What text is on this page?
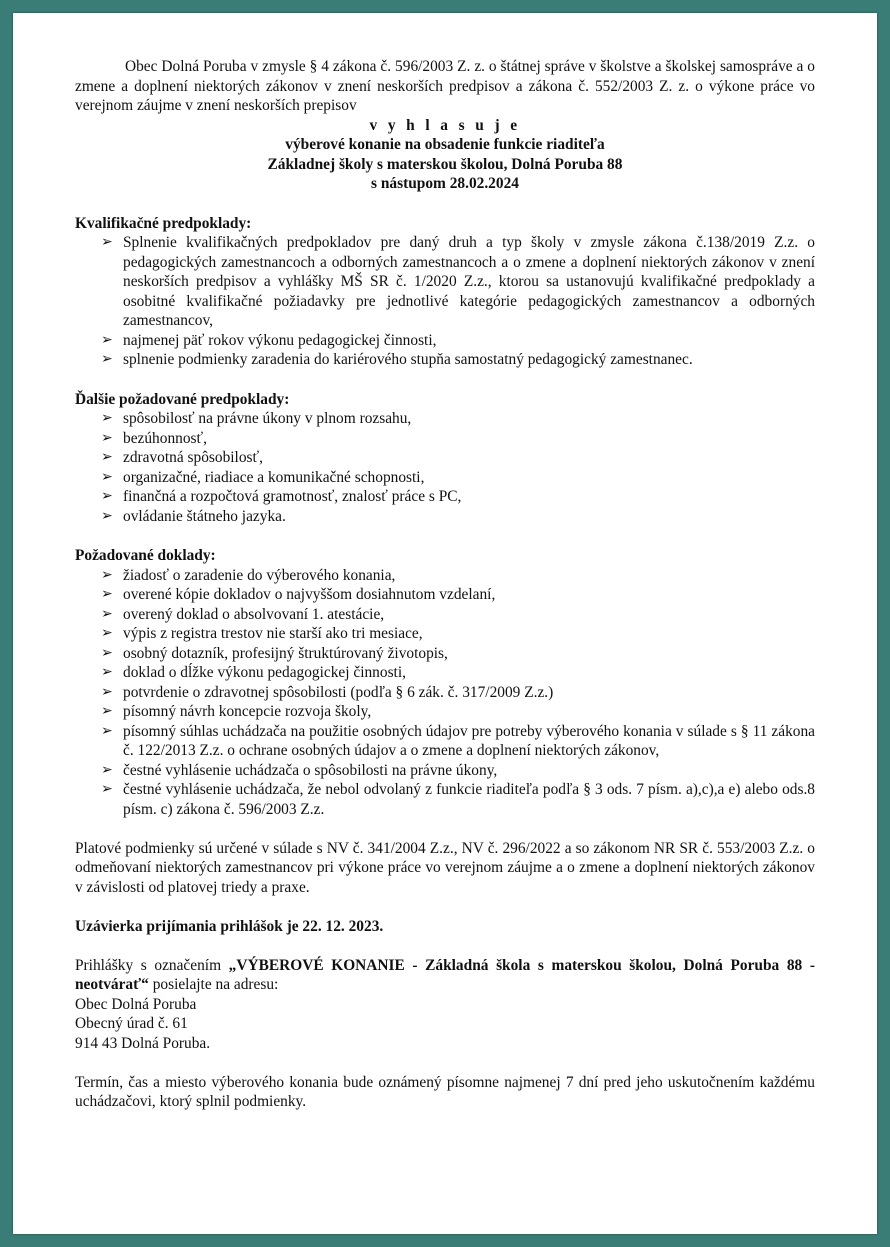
Obec Dolná Poruba v zmysle § 4 zákona č. 596/2003 Z. z. o štátnej správe v školstve a školskej samospráve a o zmene a doplnení niektorých zákonov v znení neskorších predpisov a zákona č. 552/2003 Z. z. o výkone práce vo verejnom záujme v znení neskorších prepisov

v y h l a s u j e

výberové konanie na obsadenie funkcie riaditeľa

Základnej školy s materskou školou, Dolná Poruba 88

s nástupom 28.02.2024

Kvalifikačné predpoklady:

➢ Splnenie kvalifikačných predpokladov pre daný druh a typ školy v zmysle zákona č.138/2019 Z.z. o pedagogických zamestnancoch a odborných zamestnancoch a o zmene a doplnení niektorých zákonov v znení neskorších predpisov a vyhlášky MŠ SR č. 1/2020 Z.z., ktorou sa ustanovujú kvalifikačné predpoklady a osobitné kvalifikačné požiadavky pre jednotlivé kategórie pedagogických zamestnancov a odborných zamestnancov,
➢ najmenej päť rokov výkonu pedagogickej činnosti,
➢ splnenie podmienky zaradenia do kariérového stupňa samostatný pedagogický zamestnanec.

Ďalšie požadované predpoklady:

➢ spôsobilosť na právne úkony v plnom rozsahu,
➢ bezúhonnosť,
➢ zdravotná spôsobilosť,
➢ organizačné, riadiace a komunikačné schopnosti,
➢ finančná a rozpočtová gramotnosť, znalosť práce s PC,
➢ ovládanie štátneho jazyka.

Požadované doklady:

➢ žiadosť o zaradenie do výberového konania,
➢ overené kópie dokladov o najvyššom dosiahnutom vzdelaní,
➢ overený doklad o absolvovaní 1. atestácie,
➢ výpis z registra trestov nie starší ako tri mesiace,
➢ osobný dotazník, profesijný štruktúrovaný životopis,
➢ doklad o dĺžke výkonu pedagogickej činnosti,
➢ potvrdenie o zdravotnej spôsobilosti (podľa § 6 zák. č. 317/2009 Z.z.)
➢ písomný návrh koncepcie rozvoja školy,
➢ písomný súhlas uchádzača na použitie osobných údajov pre potreby výberového konania v súlade s § 11 zákona č. 122/2013 Z.z. o ochrane osobných údajov a o zmene a doplnení niektorých zákonov,
➢ čestné vyhlásenie uchádzača o spôsobilosti na právne úkony,
➢ čestné vyhlásenie uchádzača, že nebol odvolaný z funkcie riaditeľa podľa § 3 ods. 7 písm. a),c),a e) alebo ods.8 písm. c) zákona č. 596/2003 Z.z.

Platové podmienky sú určené v súlade s NV č. 341/2004 Z.z., NV č. 296/2022 a so zákonom NR SR č. 553/2003 Z.z. o odmeňovaní niektorých zamestnancov pri výkone práce vo verejnom záujme a o zmene a doplnení niektorých zákonov v závislosti od platovej triedy a praxe.

Uzávierka prijímania prihlášok je 22. 12. 2023.

Prihlášky s označením „VÝBEROVÉ KONANIE - Základná škola s materskou školou, Dolná Poruba 88 - neotvárať“ posielajte na adresu:

Obec Dolná Poruba

Obecný úrad č. 61

914 43 Dolná Poruba.

Termín, čas a miesto výberového konania bude oznámený písomne najmenej 7 dní pred jeho uskutočnením každému uchádzačovi, ktorý splnil podmienky.
